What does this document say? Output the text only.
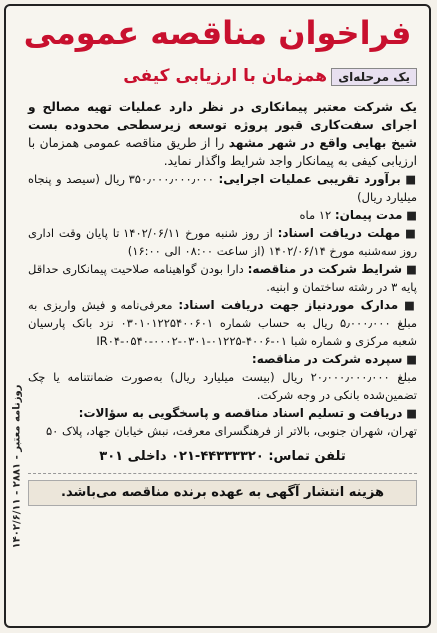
روزنامه معتبر - ۲۸۸۱ - ۱۴۰۲/۶/۱۱
فراخوان مناقصه عمومی
یک مرحله‌ای
همزمان با ارزیابی کیفی

یک شرکت معتبر پیمانکاری در نظر دارد عملیات تهیه مصالح و اجرای سفت‌کاری قبور پروژه توسعه زیرسطحی محدوده بست شیخ بهایی واقع در شهر مشهد را از طریق مناقصه عمومی همزمان با ارزیابی کیفی به پیمانکار واجد شرایط واگذار نماید.

■ برآورد تقریبی عملیات اجرایی: ۳۵۰٫۰۰۰٫۰۰۰٫۰۰۰ ریال (سیصد و پنجاه میلیارد ریال)

■ مدت پیمان: ۱۲ ماه

■ مهلت دریافت اسناد: از روز شنبه مورخ ۱۴۰۲/۰۶/۱۱ تا پایان وقت اداری روز سه‌شنبه مورخ ۱۴۰۲/۰۶/۱۴ (از ساعت ۰۸:۰۰ الی ۱۶:۰۰)

■ شرایط شرکت در مناقصه: دارا بودن گواهینامه صلاحیت پیمانکاری حداقل پایه ۳ در رشته ساختمان و ابنیه.

■ مدارک موردنیاز جهت دریافت اسناد: معرفی‌نامه و فیش واریزی به مبلغ ۵٫۰۰۰٫۰۰۰ ریال به حساب شماره ۰۳۰۱۰۱۲۲۵۴۰۰۶۰۱ نزد بانک پارسیان شعبه مرکزی و شماره شبا IR۰۴-۰۵۴۰-۰۰۰۲-۰۳۰۱-۰۱۲۲۵-۴۰۰۶-۰۱

■ سپرده شرکت در مناقصه:
مبلغ ۲۰٫۰۰۰٫۰۰۰٫۰۰۰ ریال (بیست میلیارد ریال) به‌صورت ضمانتنامه یا چک تضمین‌شده بانکی در وجه شرکت.

■ دریافت و تسلیم اسناد مناقصه و پاسخگویی به سؤالات:
تهران، شهران جنوبی، بالاتر از فرهنگسرای معرفت، نبش خیابان جهاد، پلاک ۵۰

تلفن تماس: ۴۴۳۳۳۳۲۰-۰۲۱ داخلی ۳۰۱
هزینه انتشار آگهی به عهده برنده مناقصه می‌باشد.
